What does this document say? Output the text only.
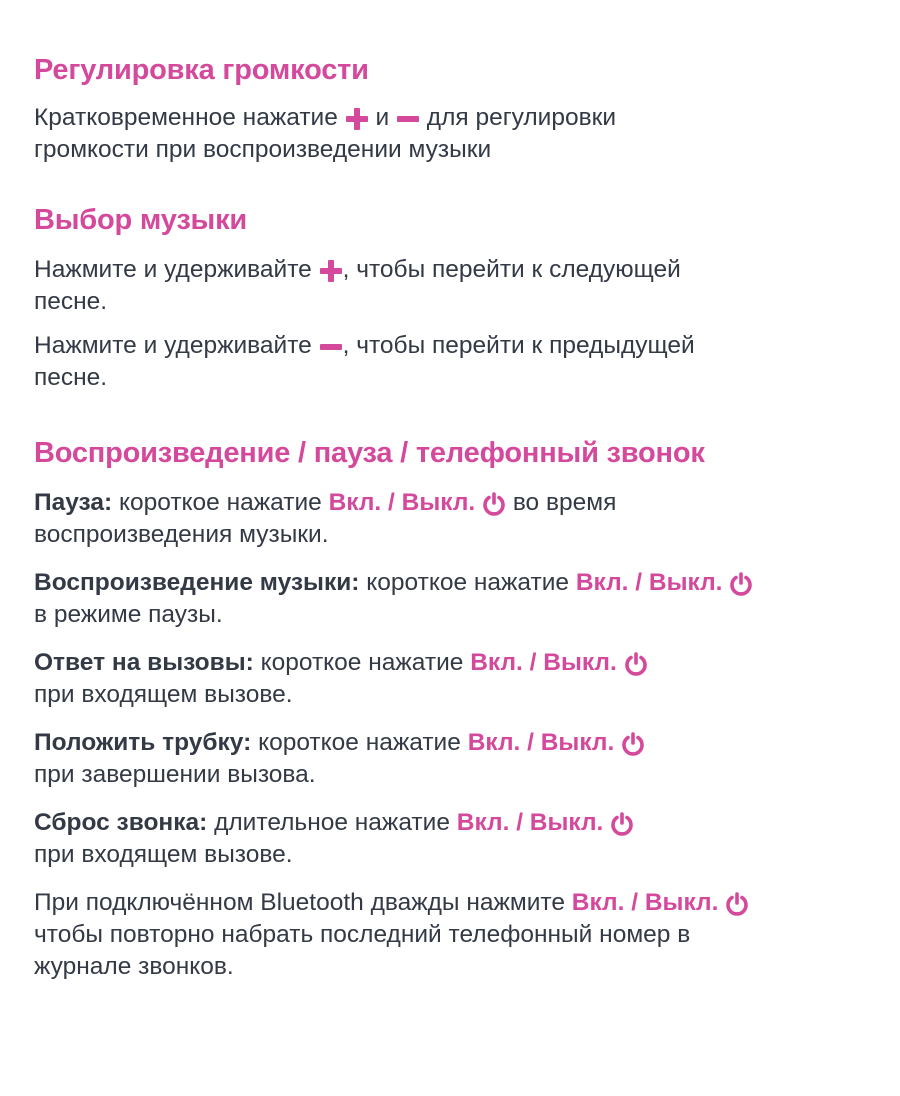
Регулировка громкости

Кратковременное нажатие и для регулировки
громкости при воспроизведении музыки

Выбор музыки

Нажмите и удерживайте , чтобы перейти к следующей
песне.

Нажмите и удерживайте , чтобы перейти к предыдущей
песне.

Воспроизведение / пауза / телефонный звонок

Пауза: короткое нажатие Вкл. / Выкл. во время
воспроизведения музыки.

Воспроизведение музыки: короткое нажатие Вкл. / Выкл.

в режиме паузы.

Ответ на вызовы: короткое нажатие Вкл. / Выкл.

при входящем вызове.

Положить трубку: короткое нажатие Вкл. / Выкл.

при завершении вызова.

Сброс звонка: длительное нажатие Вкл. / Выкл.

при входящем вызове.

При подключённом Bluetooth дважды нажмите Вкл. / Выкл.

чтобы повторно набрать последний телефонный номер в
журнале звонков.
